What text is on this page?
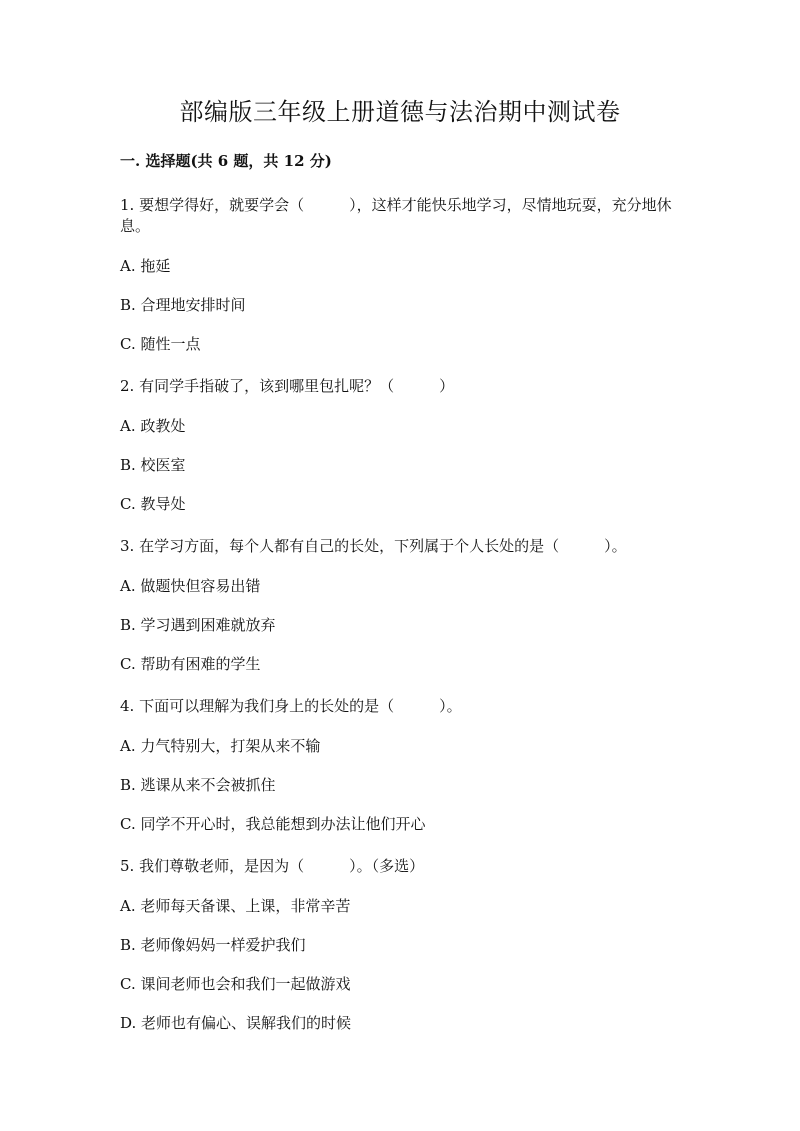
部编版三年级上册道德与法治期中测试卷
一. 选择题(共 6 题，共 12 分)
1. 要想学得好，就要学会（　　　），这样才能快乐地学习，尽情地玩耍，充分地休息。
A. 拖延
B. 合理地安排时间
C. 随性一点
2. 有同学手指破了，该到哪里包扎呢？（　　　）
A. 政教处
B. 校医室
C. 教导处
3. 在学习方面，每个人都有自己的长处，下列属于个人长处的是（　　　）。
A. 做题快但容易出错
B. 学习遇到困难就放弃
C. 帮助有困难的学生
4. 下面可以理解为我们身上的长处的是（　　　）。
A. 力气特别大，打架从来不输
B. 逃课从来不会被抓住
C. 同学不开心时，我总能想到办法让他们开心
5. 我们尊敬老师，是因为（　　　）。（多选）
A. 老师每天备课、上课，非常辛苦
B. 老师像妈妈一样爱护我们
C. 课间老师也会和我们一起做游戏
D. 老师也有偏心、误解我们的时候
